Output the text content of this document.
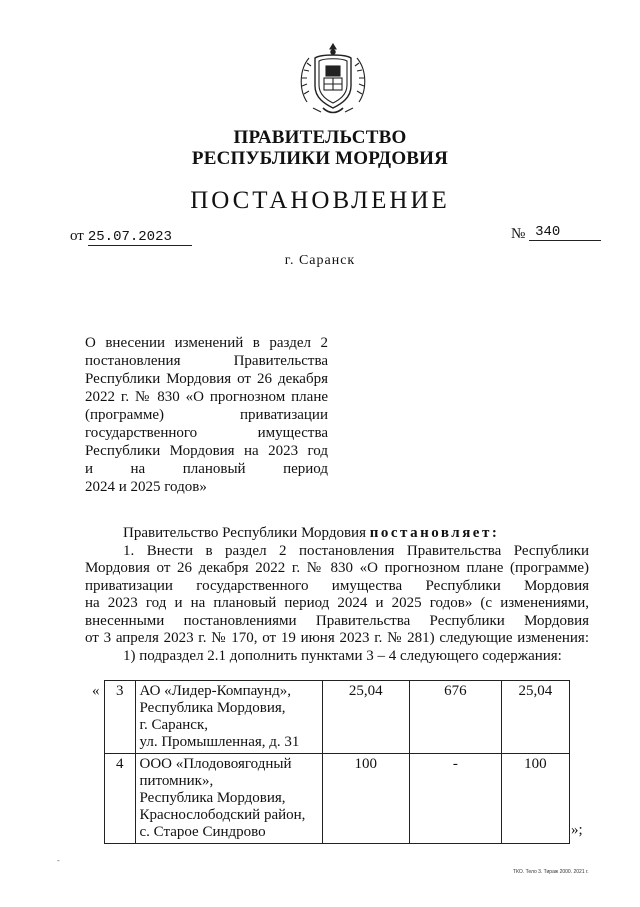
ПРАВИТЕЛЬСТВО
РЕСПУБЛИКИ МОРДОВИЯ
ПОСТАНОВЛЕНИЕ
от 25.07.2023	№ 340
г. Саранск
О внесении изменений в раздел 2
постановления Правительства
Республики Мордовия от 26 декабря
2022 г. № 830 «О прогнозном плане
(программе) приватизации
государственного имущества
Республики Мордовия на 2023 год
и на плановый период
2024 и 2025 годов»
Правительство Республики Мордовия постановляет:
1. Внести в раздел 2 постановления Правительства Республики
Мордовия от 26 декабря 2022 г. № 830 «О прогнозном плане (программе)
приватизации государственного имущества Республики Мордовия
на 2023 год и на плановый период 2024 и 2025 годов» (с изменениями,
внесенными постановлениями Правительства Республики Мордовия
от 3 апреля 2023 г. № 170, от 19 июня 2023 г. № 281) следующие изменения:
1) подраздел 2.1 дополнить пунктами 3 – 4 следующего содержания:
« 3	АО «Лидер-Компаунд»,
Республика Мордовия,
г. Саранск,
ул. Промышленная, д. 31	25,04	676	25,04
4	ООО «Плодовоягодный
питомник»,
Республика Мордовия,
Краснослободский район,
с. Старое Синдрово	100	-	100
»;
-
ТКО. Тело 3. Тираж 2000. 2021 г.
